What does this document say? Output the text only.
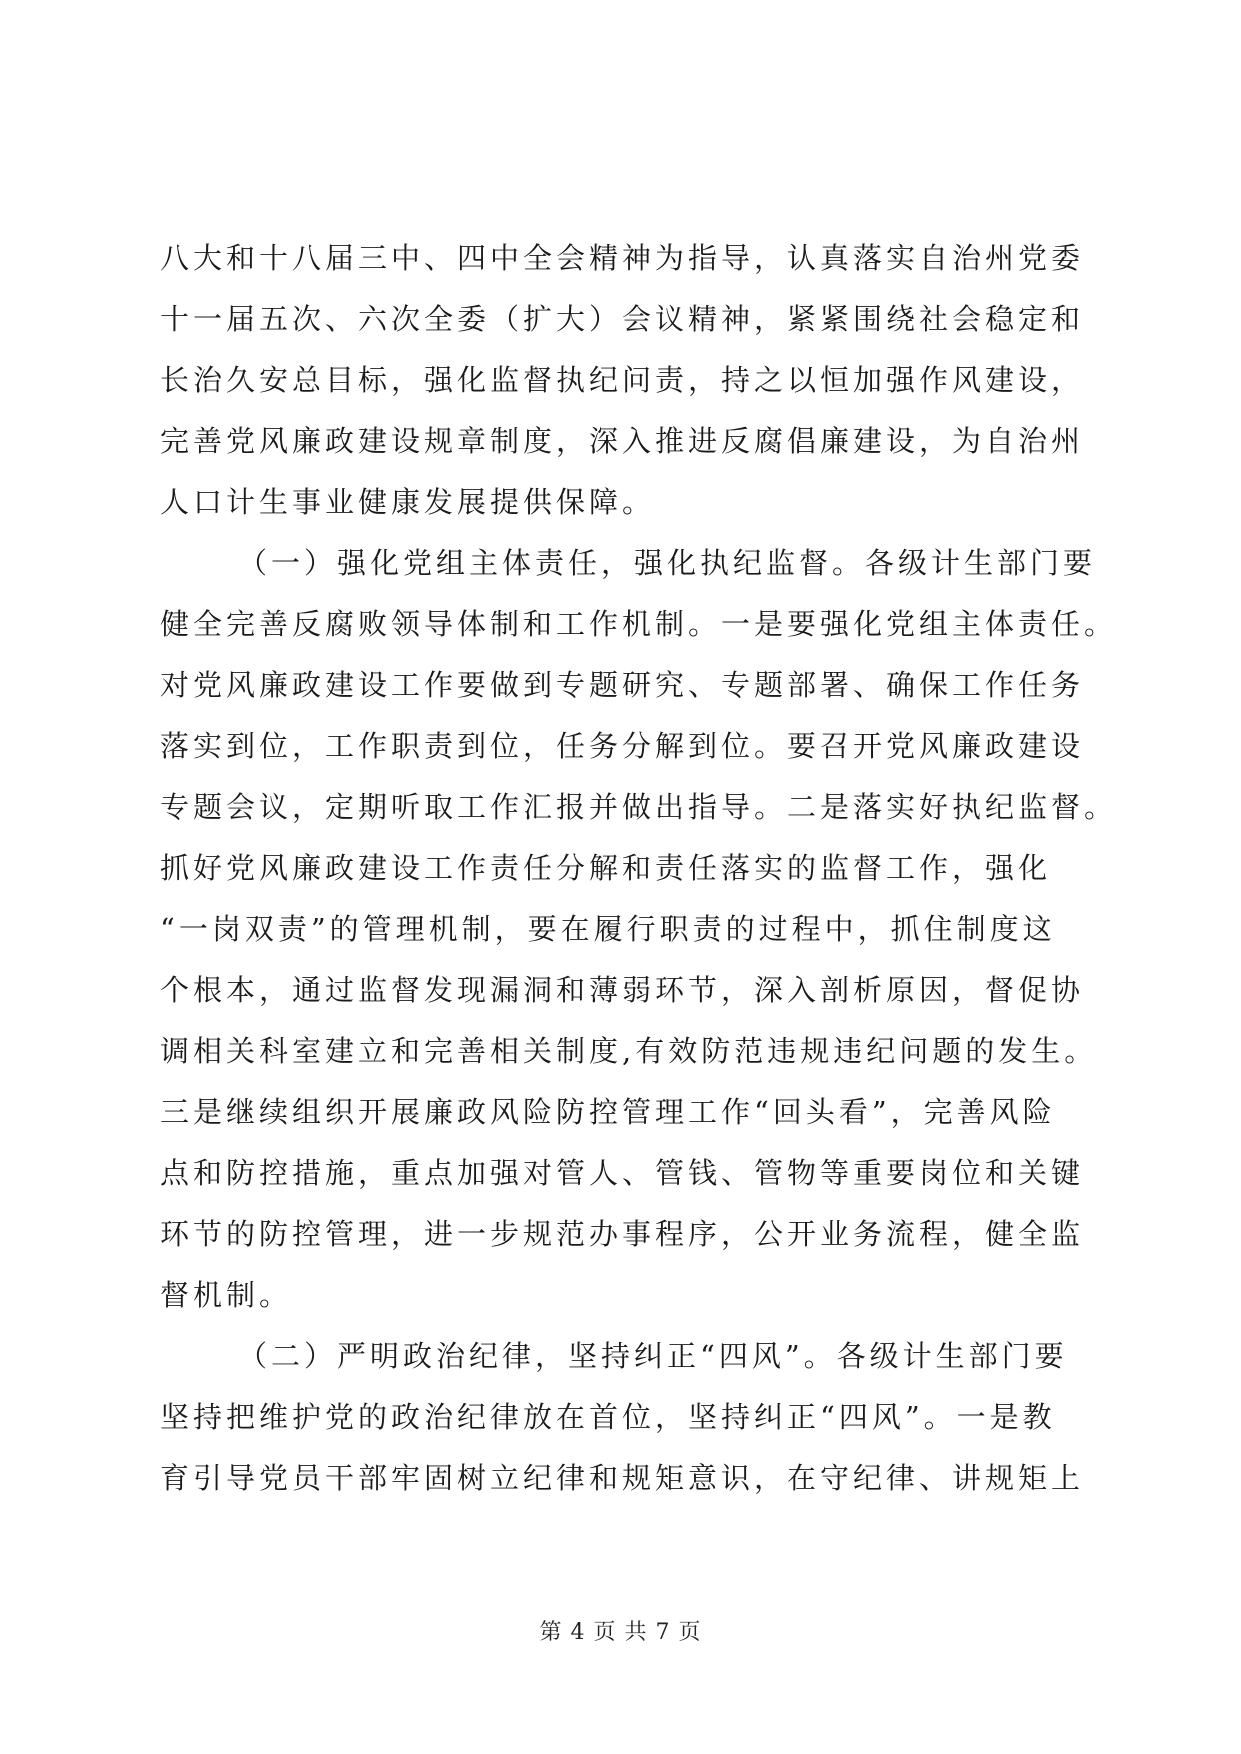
八大和十八届三中、四中全会精神为指导，认真落实自治州党委
十一届五次、六次全委（扩大）会议精神，紧紧围绕社会稳定和
长治久安总目标，强化监督执纪问责，持之以恒加强作风建设，
完善党风廉政建设规章制度，深入推进反腐倡廉建设，为自治州
人口计生事业健康发展提供保障。
（一）强化党组主体责任，强化执纪监督。各级计生部门要
健全完善反腐败领导体制和工作机制。一是要强化党组主体责任。
对党风廉政建设工作要做到专题研究、专题部署、确保工作任务
落实到位，工作职责到位，任务分解到位。要召开党风廉政建设
专题会议，定期听取工作汇报并做出指导。二是落实好执纪监督。
抓好党风廉政建设工作责任分解和责任落实的监督工作，强化
“一岗双责”的管理机制，要在履行职责的过程中，抓住制度这
个根本，通过监督发现漏洞和薄弱环节，深入剖析原因，督促协
调相关科室建立和完善相关制度,有效防范违规违纪问题的发生。
三是继续组织开展廉政风险防控管理工作“回头看”，完善风险
点和防控措施，重点加强对管人、管钱、管物等重要岗位和关键
环节的防控管理，进一步规范办事程序，公开业务流程，健全监
督机制。
（二）严明政治纪律，坚持纠正“四风”。各级计生部门要
坚持把维护党的政治纪律放在首位，坚持纠正“四风”。一是教
育引导党员干部牢固树立纪律和规矩意识，在守纪律、讲规矩上
第 4 页 共 7 页
